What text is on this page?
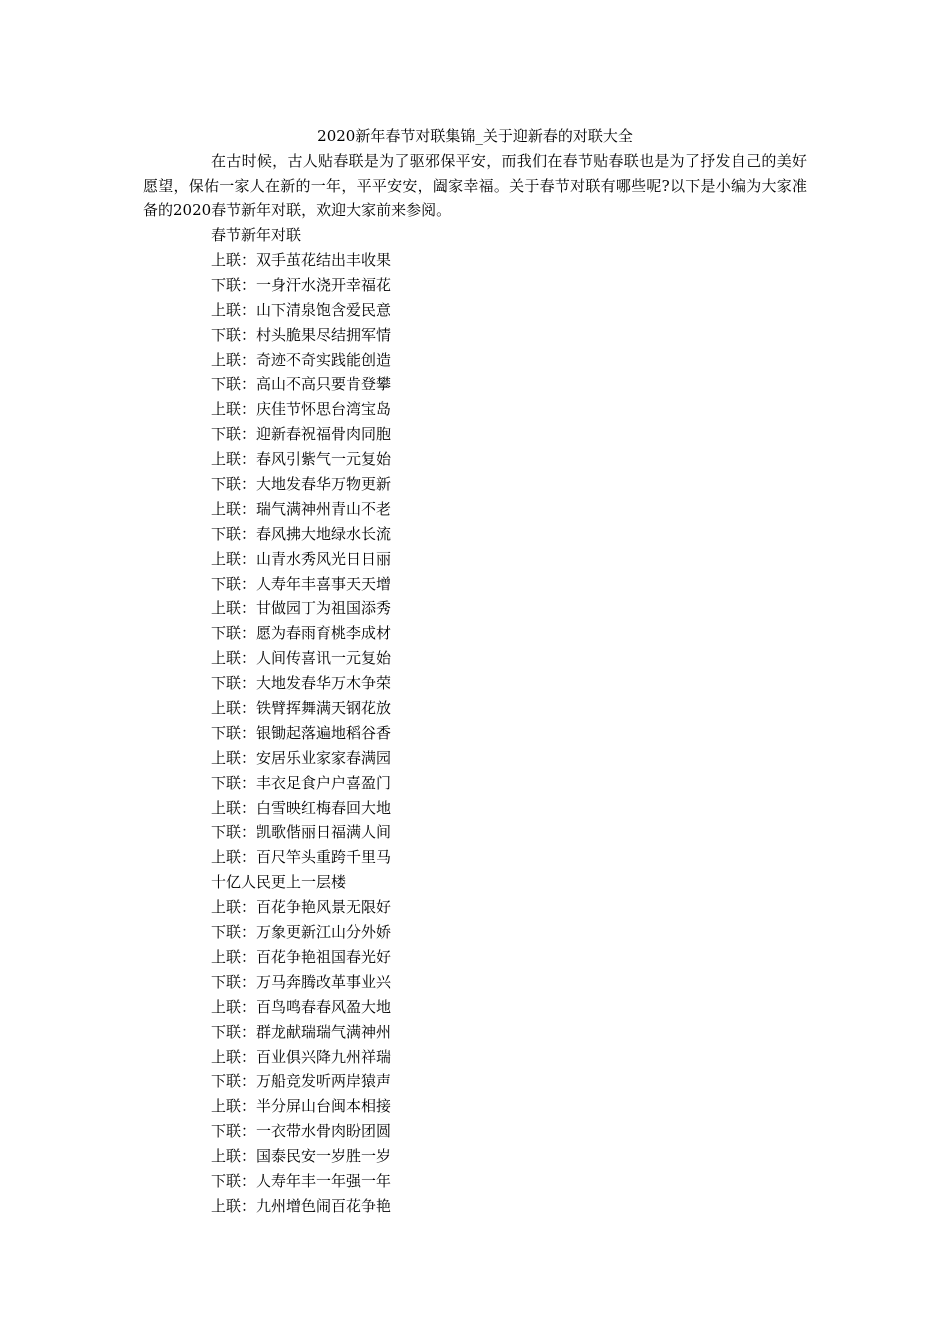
2020新年春节对联集锦_关于迎新春的对联大全

在古时候，古人贴春联是为了驱邪保平安，而我们在春节贴春联也是为了抒发自己的美好愿望，保佑一家人在新的一年，平平安安，阖家幸福。关于春节对联有哪些呢?以下是小编为大家准备的2020春节新年对联，欢迎大家前来参阅。

春节新年对联
上联：双手茧花结出丰收果
下联：一身汗水浇开幸福花
上联：山下清泉饱含爱民意
下联：村头脆果尽结拥军情
上联：奇迹不奇实践能创造
下联：高山不高只要肯登攀
上联：庆佳节怀思台湾宝岛
下联：迎新春祝福骨肉同胞
上联：春风引紫气一元复始
下联：大地发春华万物更新
上联：瑞气满神州青山不老
下联：春风拂大地绿水长流
上联：山青水秀风光日日丽
下联：人寿年丰喜事天天增
上联：甘做园丁为祖国添秀
下联：愿为春雨育桃李成材
上联：人间传喜讯一元复始
下联：大地发春华万木争荣
上联：铁臂挥舞满天钢花放
下联：银锄起落遍地稻谷香
上联：安居乐业家家春满园
下联：丰衣足食户户喜盈门
上联：白雪映红梅春回大地
下联：凯歌偕丽日福满人间
上联：百尺竿头重跨千里马
十亿人民更上一层楼
上联：百花争艳风景无限好
下联：万象更新江山分外娇
上联：百花争艳祖国春光好
下联：万马奔腾改革事业兴
上联：百鸟鸣春春风盈大地
下联：群龙献瑞瑞气满神州
上联：百业俱兴降九州祥瑞
下联：万船竞发听两岸猿声
上联：半分屏山台闽本相接
下联：一衣带水骨肉盼团圆
上联：国泰民安一岁胜一岁
下联：人寿年丰一年强一年
上联：九州增色闹百花争艳
